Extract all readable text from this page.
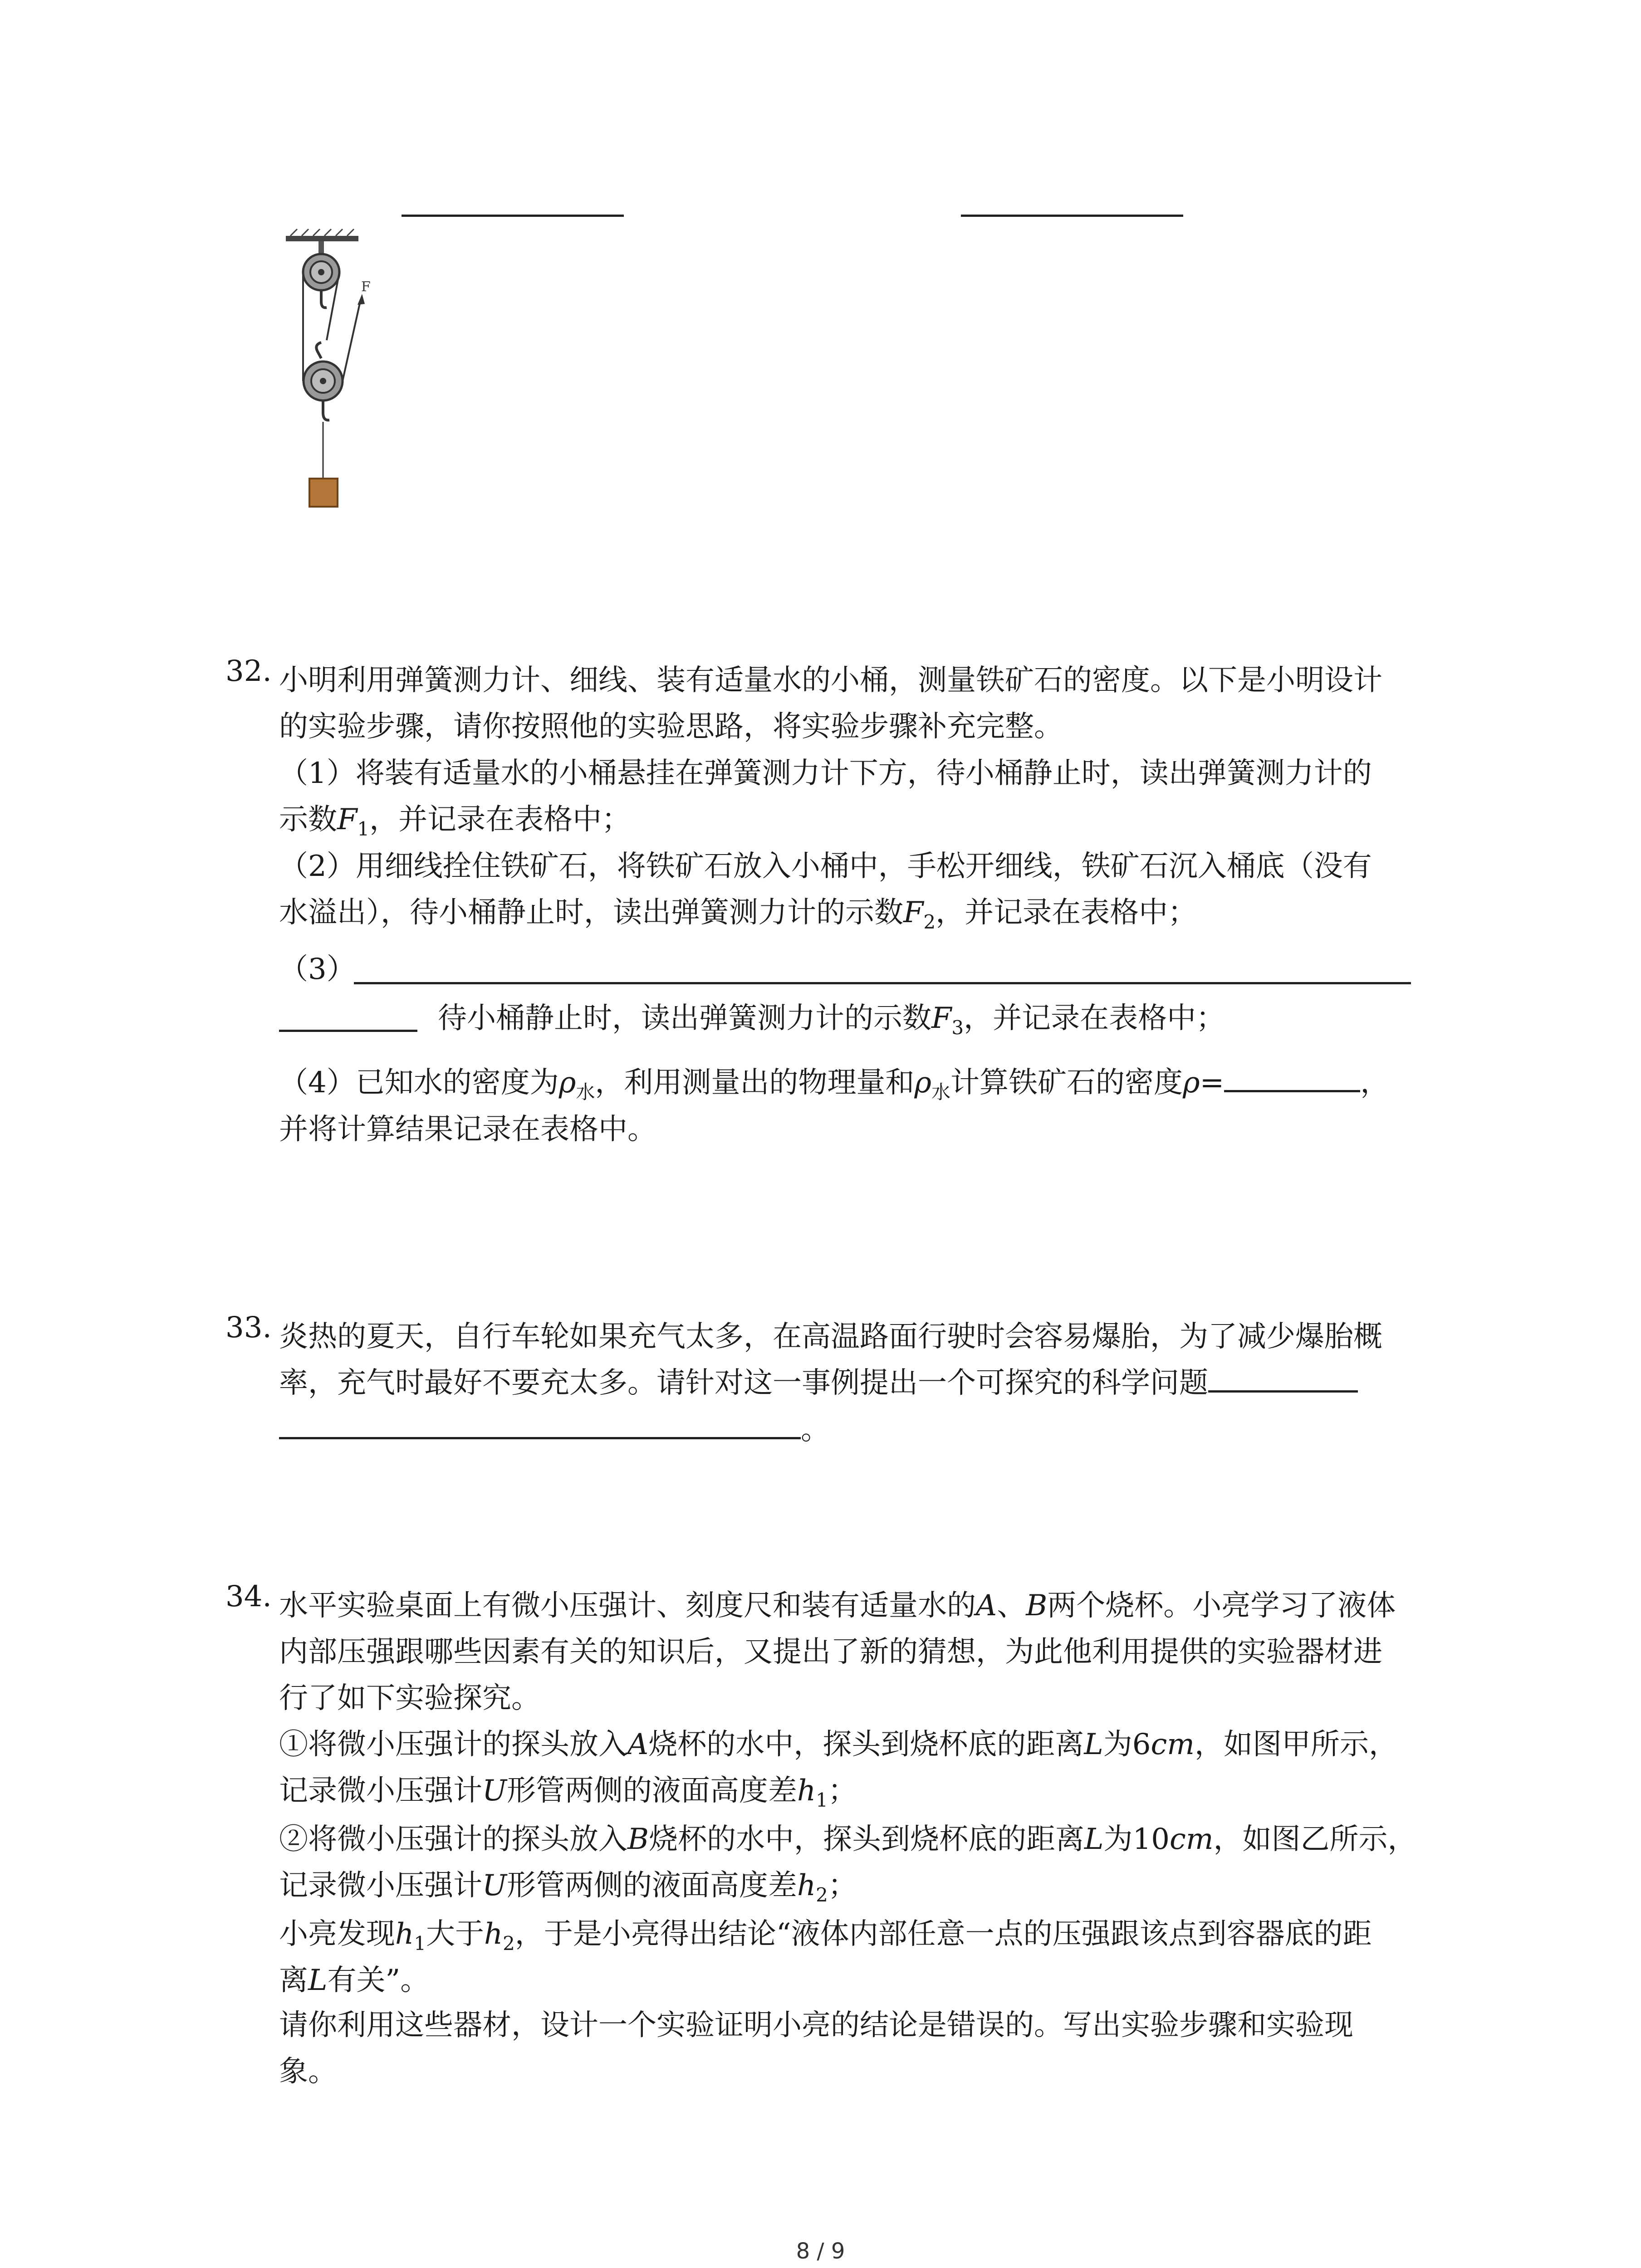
F
32. 小明利用弹簧测力计、细线、装有适量水的小桶，测量铁矿石的密度。以下是小明设计
的实验步骤，请你按照他的实验思路，将实验步骤补充完整。
（1）将装有适量水的小桶悬挂在弹簧测力计下方，待小桶静止时，读出弹簧测力计的
示数$F_1$，并记录在表格中；
（2）用细线拴住铁矿石，将铁矿石放入小桶中，手松开细线，铁矿石沉入桶底（没有
水溢出），待小桶静止时，读出弹簧测力计的示数$F_2$，并记录在表格中；
（3）
待小桶静止时，读出弹簧测力计的示数$F_3$，并记录在表格中；
（4）已知水的密度为$\rho_水$，利用测量出的物理量和$\rho_水$计算铁矿石的密度ρ=	，
并将计算结果记录在表格中。
33. 炎热的夏天，自行车轮如果充气太多，在高温路面行驶时会容易爆胎，为了减少爆胎概
率，充气时最好不要充太多。请针对这一事例提出一个可探究的科学问题
。
34. 水平实验桌面上有微小压强计、刻度尺和装有适量水的A、B两个烧杯。小亮学习了液体
内部压强跟哪些因素有关的知识后，又提出了新的猜想，为此他利用提供的实验器材进
行了如下实验探究。
①将微小压强计的探头放入A烧杯的水中，探头到烧杯底的距离L为6cm，如图甲所示，
记录微小压强计U形管两侧的液面高度差$h_1$；
②将微小压强计的探头放入B烧杯的水中，探头到烧杯底的距离L为10cm，如图乙所示，
记录微小压强计U形管两侧的液面高度差$h_2$；
小亮发现$h_1$大于$h_2$，于是小亮得出结论“液体内部任意一点的压强跟该点到容器底的距
离L有关”。
请你利用这些器材，设计一个实验证明小亮的结论是错误的。写出实验步骤和实验现
象。
8 / 9
